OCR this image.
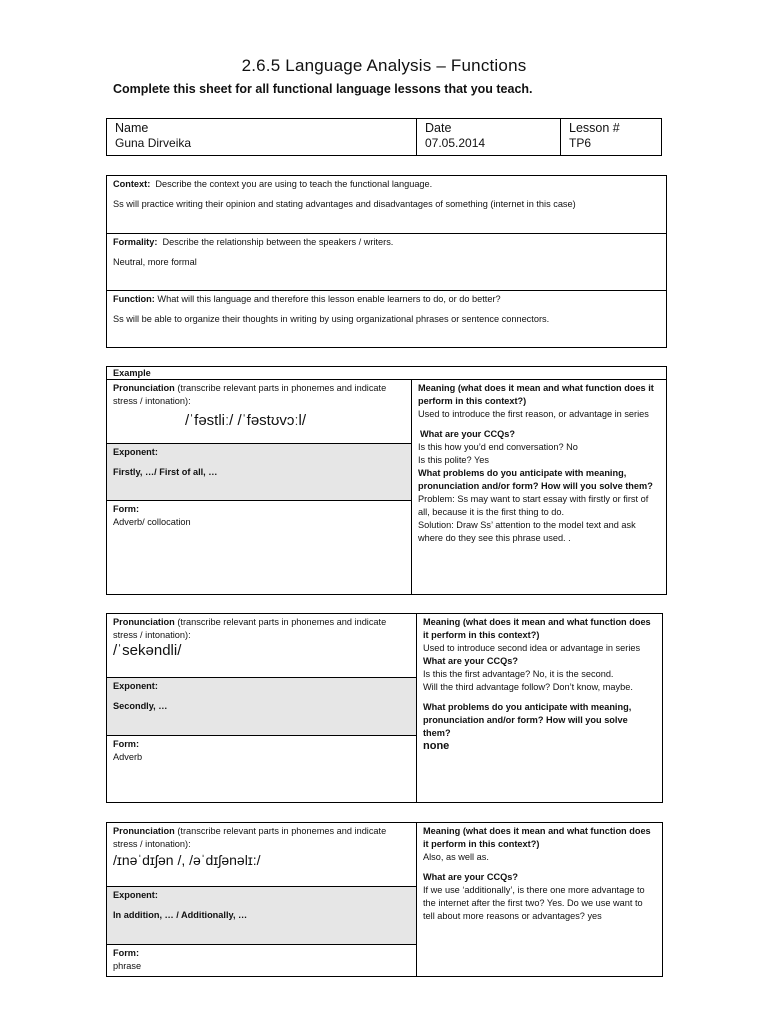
2.6.5 Language Analysis – Functions
Complete this sheet for all functional language lessons that you teach.
Name
Guna Dirveika

Date
07.05.2014

Lesson #
TP6
Context: Describe the context you are using to teach the functional language.
Ss will practice writing their opinion and stating advantages and disadvantages of something (internet in this case)

Formality: Describe the relationship between the speakers / writers.
Neutral, more formal

Function: What will this language and therefore this lesson enable learners to do, or do better?
Ss will be able to organize their thoughts in writing by using organizational phrases or sentence connectors.
Example

Pronunciation (transcribe relevant parts in phonemes and indicate stress / intonation):
/ˈfəstliː/ /ˈfəstʊvɔːl/

Meaning (what does it mean and what function does it perform in this context?)
Used to introduce the first reason, or advantage in series
What are your CCQs?
Is this how you’d end conversation? No
Is this polite? Yes
What problems do you anticipate with meaning, pronunciation and/or form? How will you solve them?
Problem: Ss may want to start essay with firstly or first of all, because it is the first thing to do.
Solution: Draw Ss’ attention to the model text and ask where do they see this phrase used. .

Exponent:
Firstly, …/ First of all, …

Form:
Adverb/ collocation
Pronunciation (transcribe relevant parts in phonemes and indicate stress / intonation):
/ˈsekəndli/

Meaning (what does it mean and what function does it perform in this context?)
Used to introduce second idea or advantage in series
What are your CCQs?
Is this the first advantage? No, it is the second.
Will the third advantage follow? Don’t know, maybe.
What problems do you anticipate with meaning, pronunciation and/or form? How will you solve them?
none

Exponent:
Secondly, …

Form:
Adverb
Pronunciation (transcribe relevant parts in phonemes and indicate stress / intonation):
/ɪnəˈdɪʃən /, /əˈdɪʃənəlɪ:/

Meaning (what does it mean and what function does it perform in this context?)
Also, as well as.
What are your CCQs?
If we use ‘additionally’, is there one more advantage to the internet after the first two? Yes. Do we use want to tell about more reasons or advantages? yes

Exponent:
In addition, … / Additionally, …

Form:
phrase
